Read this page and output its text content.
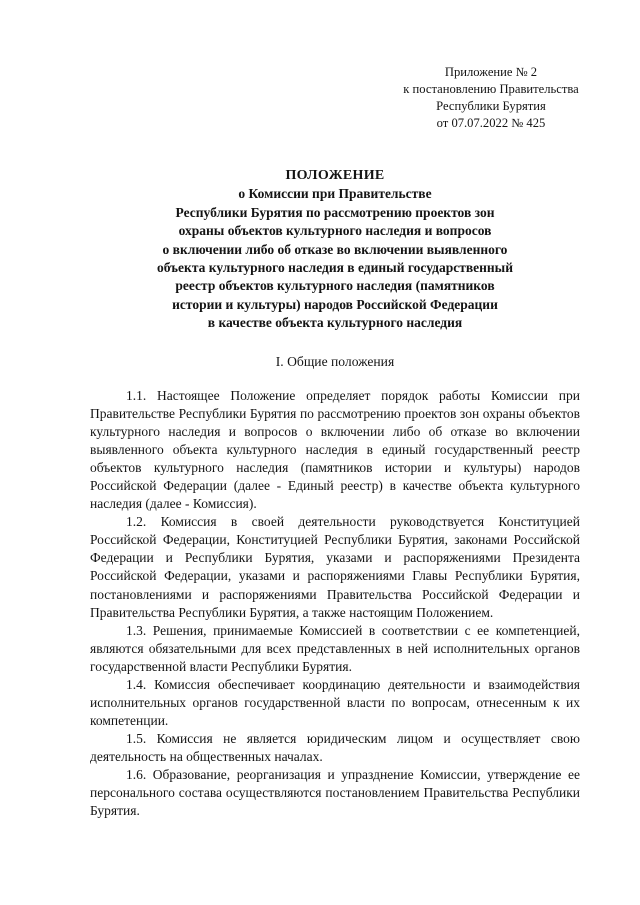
Приложение № 2
к постановлению Правительства
Республики Бурятия
от 07.07.2022 № 425
ПОЛОЖЕНИЕ
о Комиссии при Правительстве
Республики Бурятия по рассмотрению проектов зон
охраны объектов культурного наследия и вопросов
о включении либо об отказе во включении выявленного
объекта культурного наследия в единый государственный
реестр объектов культурного наследия (памятников
истории и культуры) народов Российской Федерации
в качестве объекта культурного наследия
I. Общие положения

1.1. Настоящее Положение определяет порядок работы Комиссии при Правительстве Республики Бурятия по рассмотрению проектов зон охраны объектов культурного наследия и вопросов о включении либо об отказе во включении выявленного объекта культурного наследия в единый государственный реестр объектов культурного наследия (памятников истории и культуры) народов Российской Федерации (далее - Единый реестр) в качестве объекта культурного наследия (далее - Комиссия).

1.2. Комиссия в своей деятельности руководствуется Конституцией Российской Федерации, Конституцией Республики Бурятия, законами Российской Федерации и Республики Бурятия, указами и распоряжениями Президента Российской Федерации, указами и распоряжениями Главы Республики Бурятия, постановлениями и распоряжениями Правительства Российской Федерации и Правительства Республики Бурятия, а также настоящим Положением.

1.3. Решения, принимаемые Комиссией в соответствии с ее компетенцией, являются обязательными для всех представленных в ней исполнительных органов государственной власти Республики Бурятия.

1.4. Комиссия обеспечивает координацию деятельности и взаимодействия исполнительных органов государственной власти по вопросам, отнесенным к их компетенции.

1.5. Комиссия не является юридическим лицом и осуществляет свою деятельность на общественных началах.

1.6. Образование, реорганизация и упразднение Комиссии, утверждение ее персонального состава осуществляются постановлением Правительства Республики Бурятия.
